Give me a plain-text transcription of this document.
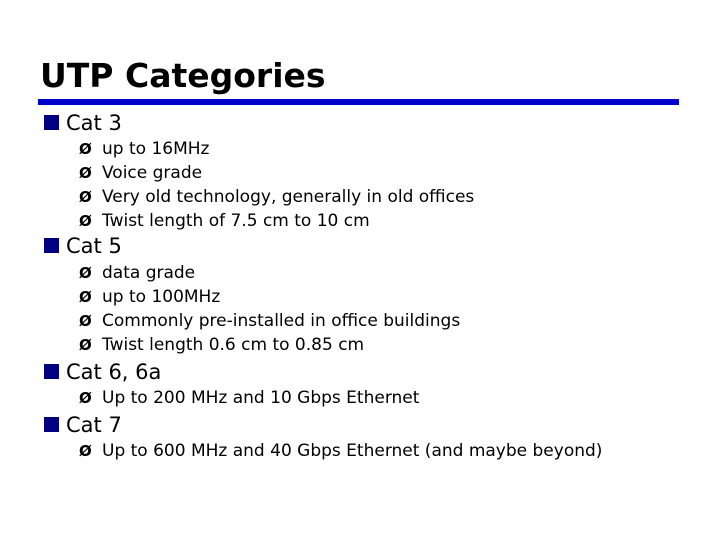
UTP Categories
Cat 3
Ø up to 16MHz
Ø Voice grade
Ø Very old technology, generally in old offices
Ø Twist length of 7.5 cm to 10 cm
Cat 5
Ø data grade
Ø up to 100MHz
Ø Commonly pre-installed in office buildings
Ø Twist length 0.6 cm to 0.85 cm
Cat 6, 6a
Ø Up to 200 MHz and 10 Gbps Ethernet
Cat 7
Ø Up to 600 MHz and 40 Gbps Ethernet (and maybe beyond)
